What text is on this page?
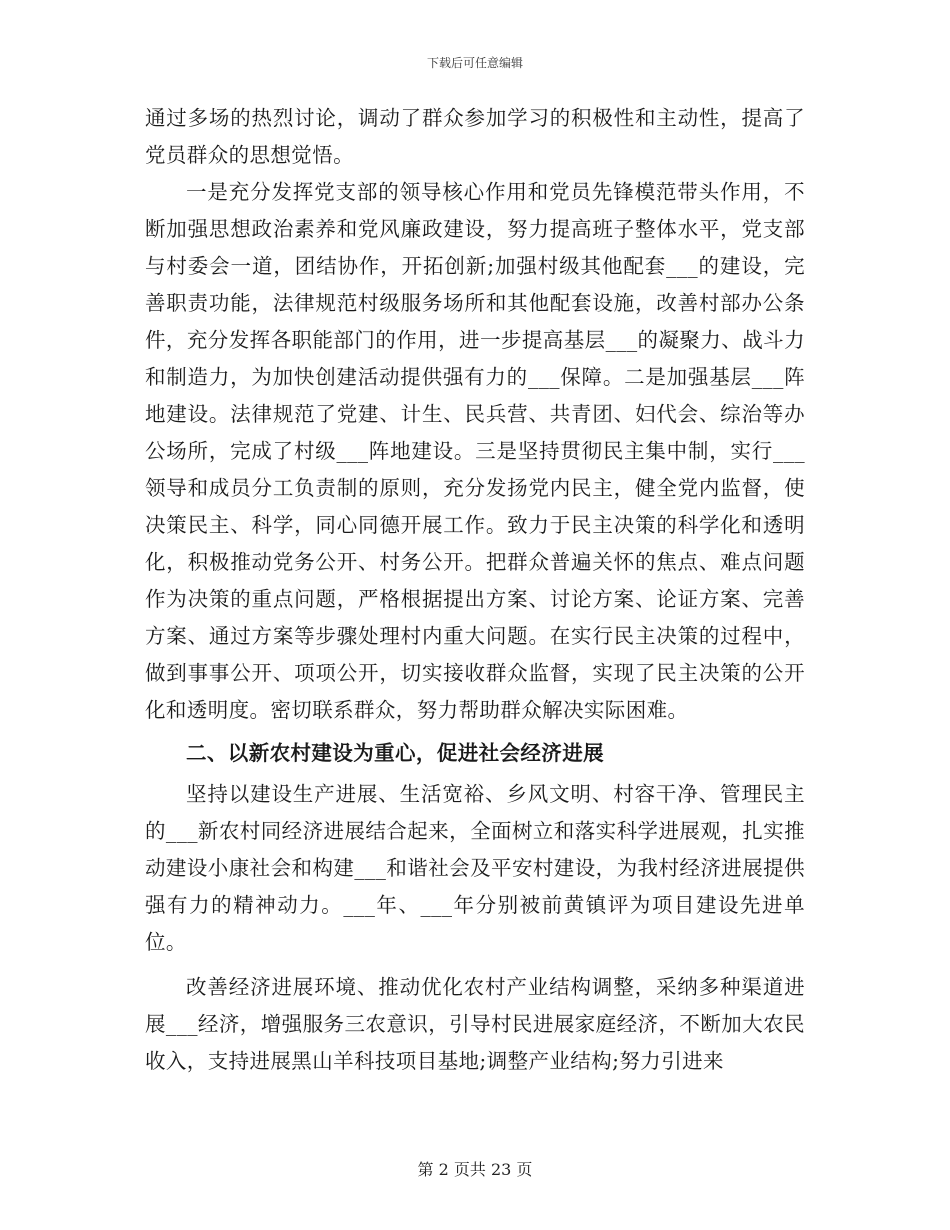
下载后可任意编辑

通过多场的热烈讨论，调动了群众参加学习的积极性和主动性，提高了党员群众的思想觉悟。

一是充分发挥党支部的领导核心作用和党员先锋模范带头作用，不断加强思想政治素养和党风廉政建设，努力提高班子整体水平，党支部与村委会一道，团结协作，开拓创新;加强村级其他配套___的建设，完善职责功能，法律规范村级服务场所和其他配套设施，改善村部办公条件，充分发挥各职能部门的作用，进一步提高基层___的凝聚力、战斗力和制造力，为加快创建活动提供强有力的___保障。二是加强基层___阵地建设。法律规范了党建、计生、民兵营、共青团、妇代会、综治等办公场所，完成了村级___阵地建设。三是坚持贯彻民主集中制，实行___领导和成员分工负责制的原则，充分发扬党内民主，健全党内监督，使决策民主、科学，同心同德开展工作。致力于民主决策的科学化和透明化，积极推动党务公开、村务公开。把群众普遍关怀的焦点、难点问题作为决策的重点问题，严格根据提出方案、讨论方案、论证方案、完善方案、通过方案等步骤处理村内重大问题。在实行民主决策的过程中，做到事事公开、项项公开，切实接收群众监督，实现了民主决策的公开化和透明度。密切联系群众，努力帮助群众解决实际困难。

二、以新农村建设为重心，促进社会经济进展

坚持以建设生产进展、生活宽裕、乡风文明、村容干净、管理民主的___新农村同经济进展结合起来，全面树立和落实科学进展观，扎实推动建设小康社会和构建___和谐社会及平安村建设，为我村经济进展提供强有力的精神动力。___年、___年分别被前黄镇评为项目建设先进单位。

改善经济进展环境、推动优化农村产业结构调整，采纳多种渠道进展___经济，增强服务三农意识，引导村民进展家庭经济，不断加大农民收入，支持进展黑山羊科技项目基地;调整产业结构;努力引进来

第 2 页共 23 页
